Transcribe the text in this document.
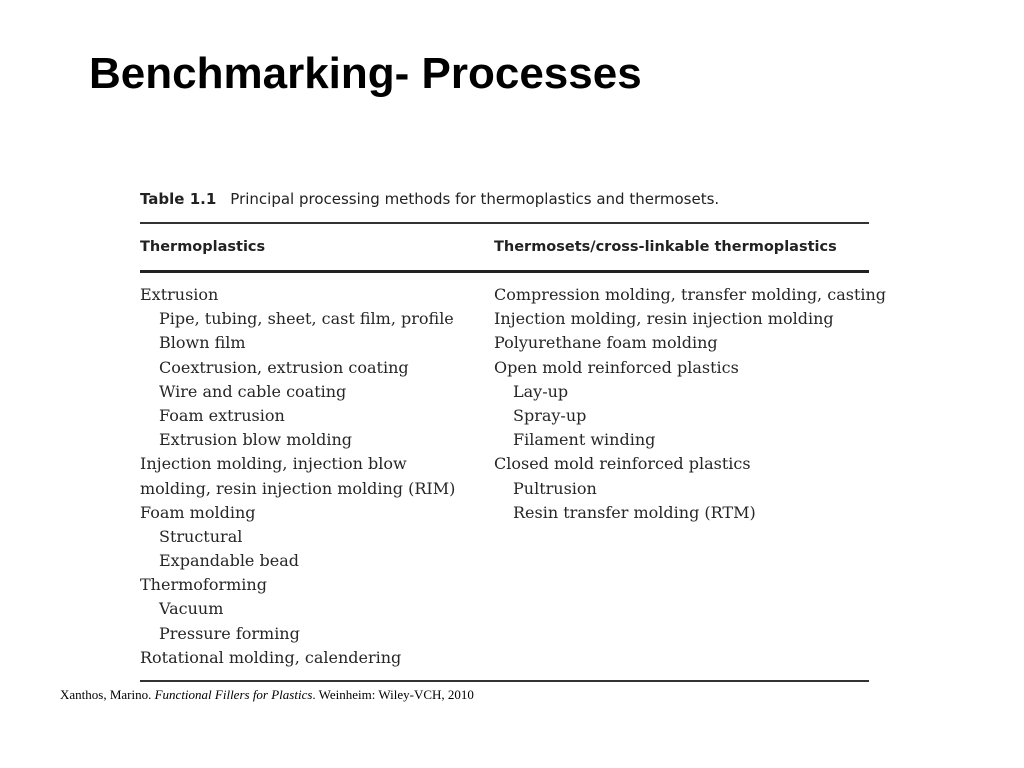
Benchmarking- Processes
Table 1.1 Principal processing methods for thermoplastics and thermosets.
Thermoplastics	Thermosets/cross-linkable thermoplastics
Extrusion
Pipe, tubing, sheet, cast film, profile
Blown film
Coextrusion, extrusion coating
Wire and cable coating
Foam extrusion
Extrusion blow molding
Injection molding, injection blow
molding, resin injection molding (RIM)
Foam molding
Structural
Expandable bead
Thermoforming
Vacuum
Pressure forming
Rotational molding, calendering
Compression molding, transfer molding, casting
Injection molding, resin injection molding
Polyurethane foam molding
Open mold reinforced plastics
Lay-up
Spray-up
Filament winding
Closed mold reinforced plastics
Pultrusion
Resin transfer molding (RTM)

Xanthos, Marino. Functional Fillers for Plastics. Weinheim: Wiley-VCH, 2010
